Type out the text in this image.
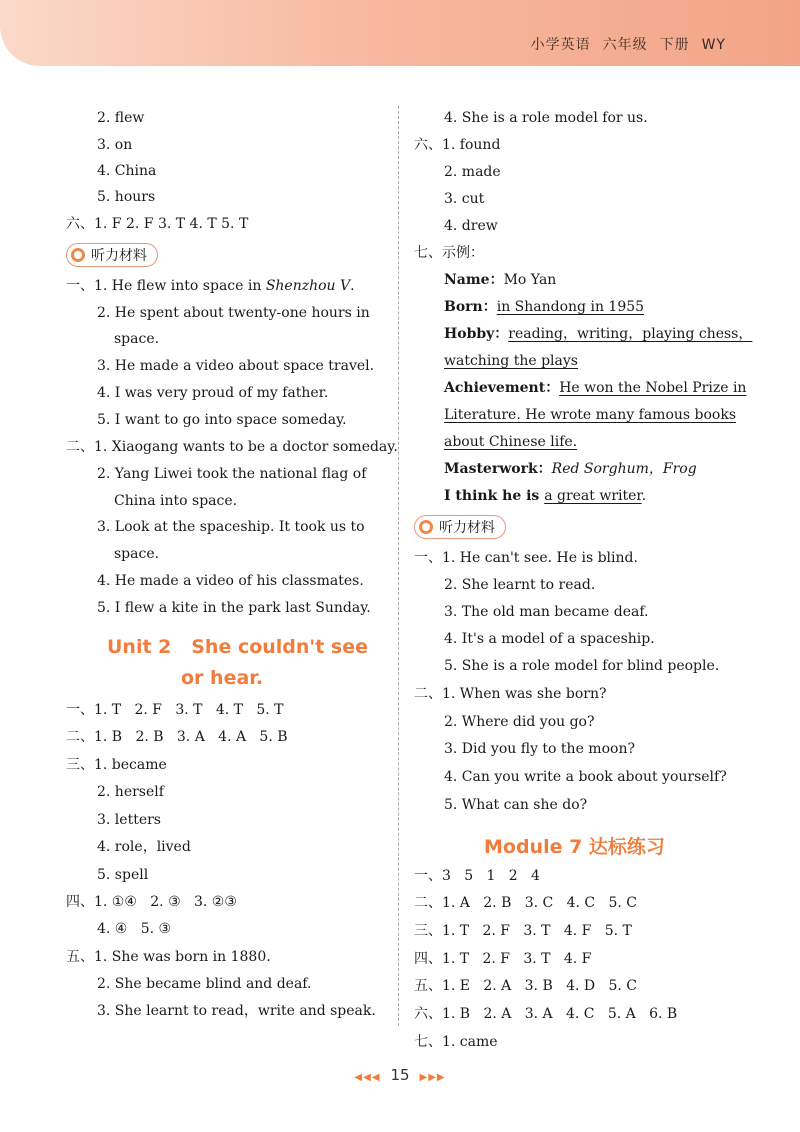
小学英语 六年级 下册 WY
2. flew
3. on
4. China
5. hours
六、1. F 2. F 3. T 4. T 5. T
听力材料
一、1. He flew into space in Shenzhou V.
2. He spent about twenty-one hours in
space.
3. He made a video about space travel.
4. I was very proud of my father.
5. I want to go into space someday.
二、1. Xiaogang wants to be a doctor someday.
2. Yang Liwei took the national flag of
China into space.
3. Look at the spaceship. It took us to
space.
4. He made a video of his classmates.
5. I flew a kite in the park last Sunday.
Unit 2   She couldn't see
or hear.
一、1. T   2. F   3. T   4. T   5. T
二、1. B   2. B   3. A   4. A   5. B
三、1. became
2. herself
3. letters
4. role，lived
5. spell
四、1. ①④   2. ③   3. ②③
4. ④   5. ③
五、1. She was born in 1880.
2. She became blind and deaf.
3. She learnt to read，write and speak.
4. She is a role model for us.
六、1. found
2. made
3. cut
4. drew
七、示例：
Name：Mo Yan
Born：in Shandong in 1955
Hobby：reading，writing，playing chess，
watching the plays
Achievement：He won the Nobel Prize in
Literature. He wrote many famous books
about Chinese life.
Masterwork：Red Sorghum，Frog
I think he is a great writer.
听力材料
一、1. He can't see. He is blind.
2. She learnt to read.
3. The old man became deaf.
4. It's a model of a spaceship.
5. She is a role model for blind people.
二、1. When was she born?
2. Where did you go?
3. Did you fly to the moon?
4. Can you write a book about yourself?
5. What can she do?
Module 7 达标练习
一、3   5   1   2   4
二、1. A   2. B   3. C   4. C   5. C
三、1. T   2. F   3. T   4. F   5. T
四、1. T   2. F   3. T   4. F
五、1. E   2. A   3. B   4. D   5. C
六、1. B   2. A   3. A   4. C   5. A   6. B
七、1. came
◀◀◀ 15 ▶▶▶
